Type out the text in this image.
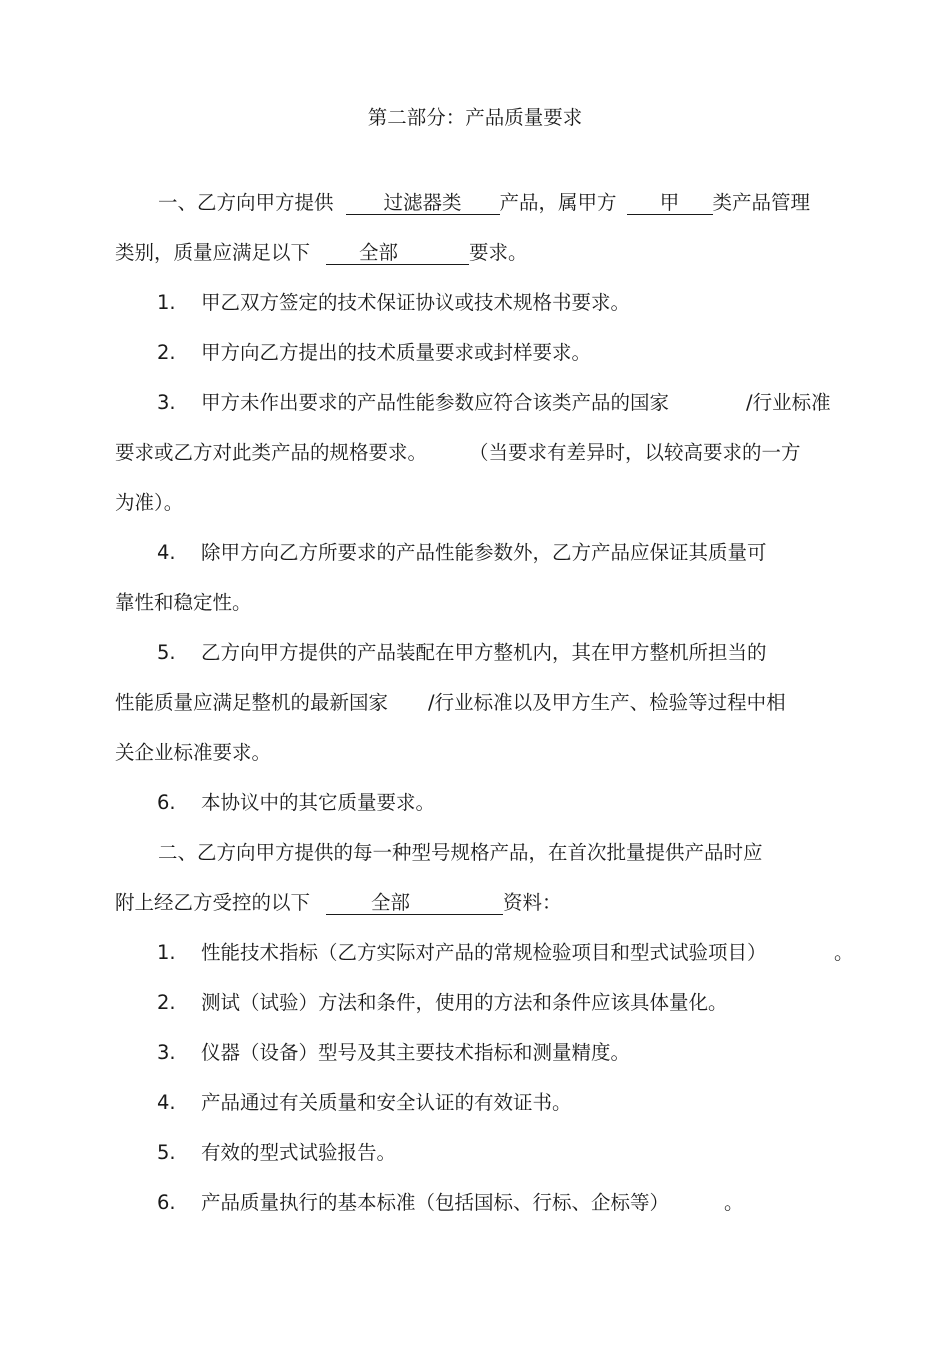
第二部分：产品质量要求
一、乙方向甲方提供	过滤器类 产品，属甲方 甲 类产品管理
类别，质量应满足以下	全部	要求。
1. 甲乙双方签定的技术保证协议或技术规格书要求。
2. 甲方向乙方提出的技术质量要求或封样要求。
3. 甲方未作出要求的产品性能参数应符合该类产品的国家	/行业标准
要求或乙方对此类产品的规格要求。 （当要求有差异时，以较高要求的一方
为准）。
4. 除甲方向乙方所要求的产品性能参数外，乙方产品应保证其质量可
靠性和稳定性。
5. 乙方向甲方提供的产品装配在甲方整机内，其在甲方整机所担当的
性能质量应满足整机的最新国家 /行业标准以及甲方生产、检验等过程中相
关企业标准要求。
6. 本协议中的其它质量要求。
二、乙方向甲方提供的每一种型号规格产品，在首次批量提供产品时应
附上经乙方受控的以下	全部	资料：
1. 性能技术指标（乙方实际对产品的常规检验项目和型式试验项目）	。
2. 测试（试验）方法和条件，使用的方法和条件应该具体量化。
3. 仪器（设备）型号及其主要技术指标和测量精度。
4. 产品通过有关质量和安全认证的有效证书。
5. 有效的型式试验报告。
6. 产品质量执行的基本标准（包括国标、行标、企标等）	。
